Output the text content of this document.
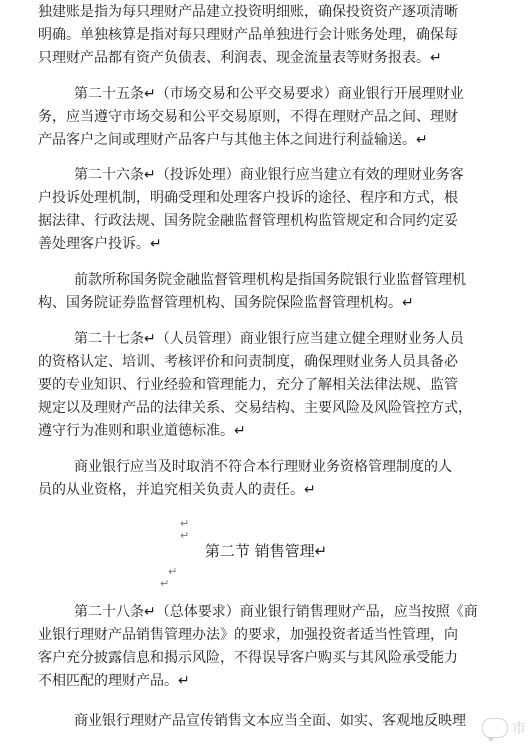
第二节 销售管理↵
独建账是指为每只理财产品建立投资明细账，确保投资资产逐项清晰
明确。单独核算是指对每只理财产品单独进行会计账务处理，确保每
只理财产品都有资产负债表、利润表、现金流量表等财务报表。↵
第二十五条↵（市场交易和公平交易要求）商业银行开展理财业
务，应当遵守市场交易和公平交易原则，不得在理财产品之间、理财
产品客户之间或理财产品客户与其他主体之间进行利益输送。↵
第二十六条↵（投诉处理）商业银行应当建立有效的理财业务客
户投诉处理机制，明确受理和处理客户投诉的途径、程序和方式，根
据法律、行政法规、国务院金融监督管理机构监管规定和合同约定妥
善处理客户投诉。↵
前款所称国务院金融监督管理机构是指国务院银行业监督管理机
构、国务院证券监督管理机构、国务院保险监督管理机构。↵
第二十七条↵（人员管理）商业银行应当建立健全理财业务人员
的资格认定、培训、考核评价和问责制度，确保理财业务人员具备必
要的专业知识、行业经验和管理能力，充分了解相关法律法规、监管
规定以及理财产品的法律关系、交易结构、主要风险及风险管控方式，
遵守行为准则和职业道德标准。↵
商业银行应当及时取消不符合本行理财业务资格管理制度的人
员的从业资格，并追究相关负责人的责任。↵
第二十八条↵（总体要求）商业银行销售理财产品，应当按照《商
业银行理财产品销售管理办法》的要求，加强投资者适当性管理，向
客户充分披露信息和揭示风险，不得误导客户购买与其风险承受能力
不相匹配的理财产品。↵
商业银行理财产品宣传销售文本应当全面、如实、客观地反映理
↵
↵
↵
↵
市
